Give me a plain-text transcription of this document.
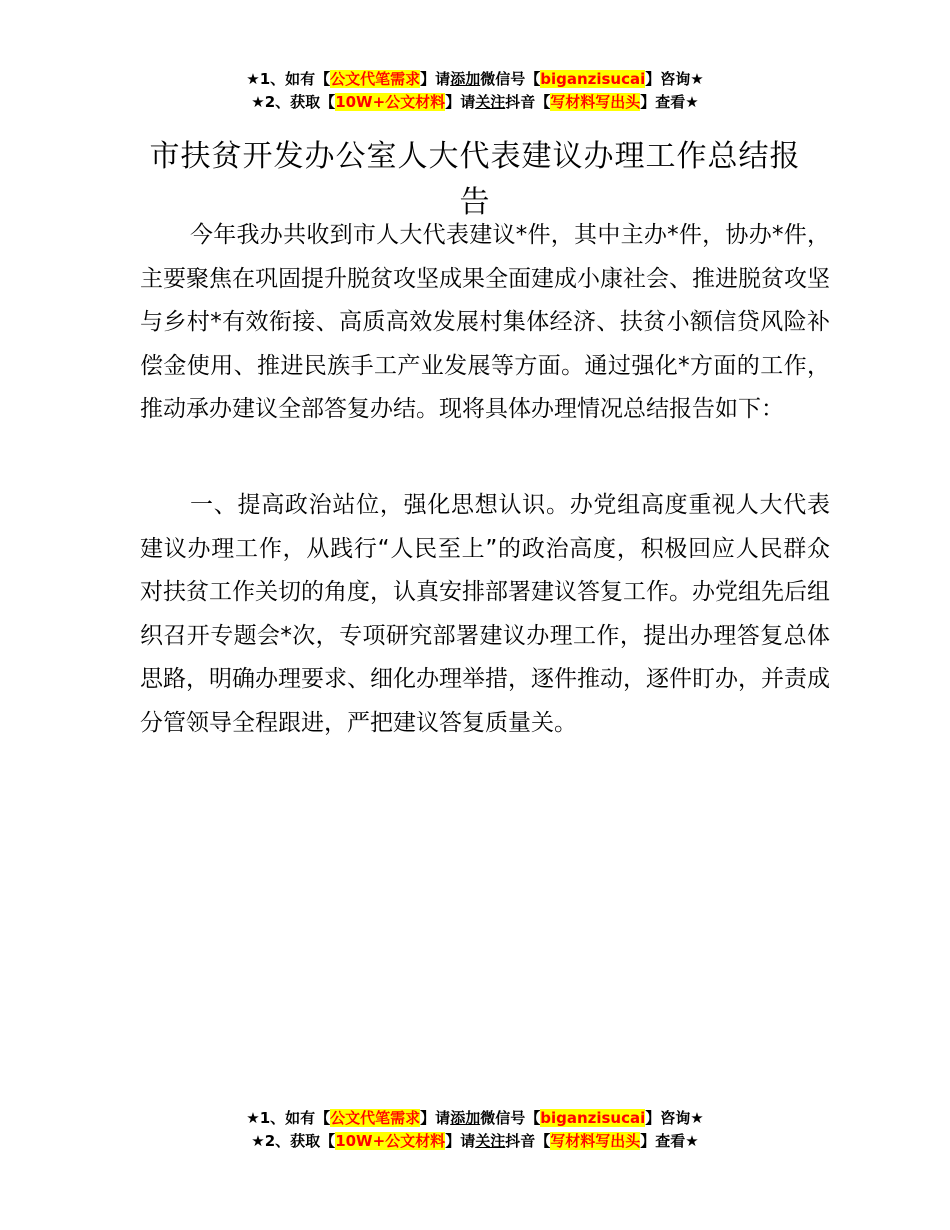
★1、如有【公文代笔需求】请添加微信号【biganzisucai】咨询★
★2、获取【10W+公文材料】请关注抖音【写材料写出头】查看★
市扶贫开发办公室人大代表建议办理工作总结报告

今年我办共收到市人大代表建议*件，其中主办*件，协办*件，主要聚焦在巩固提升脱贫攻坚成果全面建成小康社会、推进脱贫攻坚与乡村*有效衔接、高质高效发展村集体经济、扶贫小额信贷风险补偿金使用、推进民族手工产业发展等方面。通过强化*方面的工作，推动承办建议全部答复办结。现将具体办理情况总结报告如下：

一、提高政治站位，强化思想认识。办党组高度重视人大代表建议办理工作，从践行“人民至上”的政治高度，积极回应人民群众对扶贫工作关切的角度，认真安排部署建议答复工作。办党组先后组织召开专题会*次，专项研究部署建议办理工作，提出办理答复总体思路，明确办理要求、细化办理举措，逐件推动，逐件盯办，并责成分管领导全程跟进，严把建议答复质量关。

★1、如有【公文代笔需求】请添加微信号【biganzisucai】咨询★
★2、获取【10W+公文材料】请关注抖音【写材料写出头】查看★
